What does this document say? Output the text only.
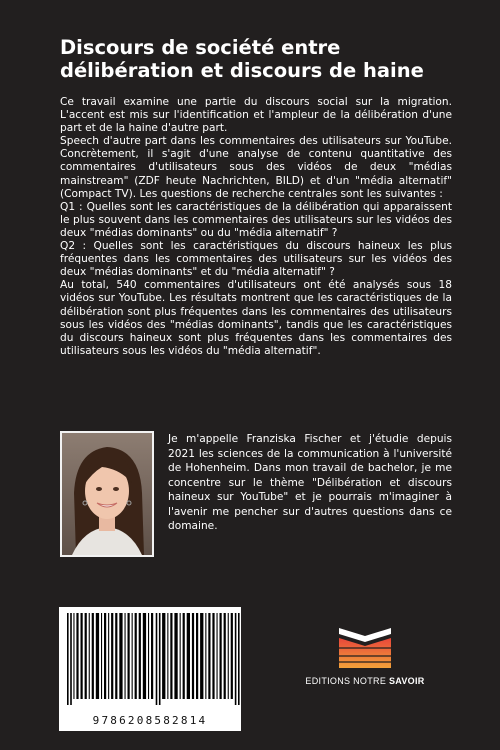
Discours de société entre
délibération et discours de haine

Ce travail examine une partie du discours social sur la migration. L'accent est mis sur l'identification et l'ampleur de la délibération d'une part et de la haine d'autre part.

Speech d'autre part dans les commentaires des utilisateurs sur YouTube. Concrètement, il s'agit d'une analyse de contenu quantitative des commentaires d'utilisateurs sous des vidéos de deux "médias mainstream" (ZDF heute Nachrichten, BILD) et d'un "média alternatif" (Compact TV). Les questions de recherche centrales sont les suivantes :

Q1 : Quelles sont les caractéristiques de la délibération qui apparaissent le plus souvent dans les commentaires des utilisateurs sur les vidéos des deux "médias dominants" ou du "média alternatif" ?

Q2 : Quelles sont les caractéristiques du discours haineux les plus fréquentes dans les commentaires des utilisateurs sur les vidéos des deux "médias dominants" et du "média alternatif" ?

Au total, 540 commentaires d'utilisateurs ont été analysés sous 18 vidéos sur YouTube. Les résultats montrent que les caractéristiques de la délibération sont plus fréquentes dans les commentaires des utilisateurs sous les vidéos des "médias dominants", tandis que les caractéristiques du discours haineux sont plus fréquentes dans les commentaires des utilisateurs sous les vidéos du "média alternatif".

Je m'appelle Franziska Fischer et j'étudie depuis 2021 les sciences de la communication à l'université de Hohenheim. Dans mon travail de bachelor, je me concentre sur le thème "Délibération et discours haineux sur YouTube" et je pourrais m'imaginer à l'avenir me pencher sur d'autres questions dans ce domaine.

9786208582814
EDITIONS NOTRE SAVOIR
